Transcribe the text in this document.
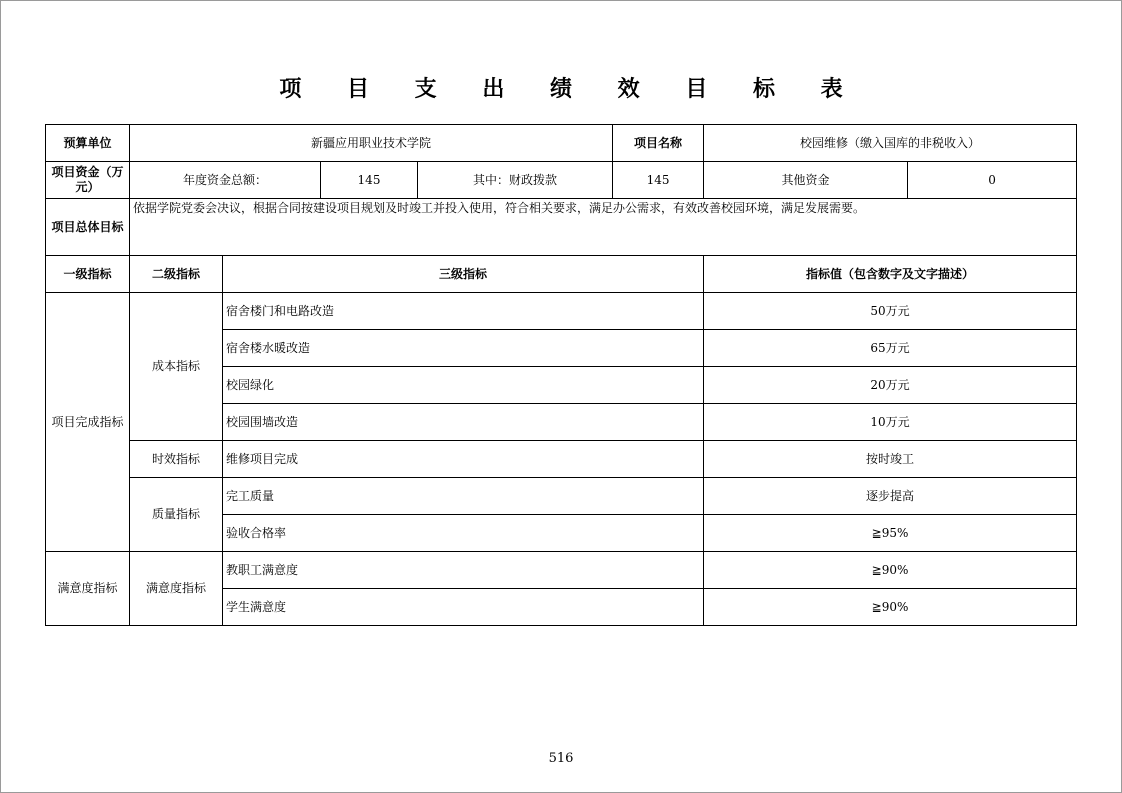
项 目 支 出 绩 效 目 标 表
预算单位	新疆应用职业技术学院				项目名称	校园维修（缴入国库的非税收入）	
项目资金（万元）	年度资金总额：		145	其中：财政拨款	145	其他资金	0
项目总体目标	依据学院党委会决议，根据合同按建设项目规划及时竣工并投入使用，符合相关要求，满足办公需求，有效改善校园环境，满足发展需要。						
一级指标	二级指标	三级指标				指标值（包含数字及文字描述）	
项目完成指标	成本指标	宿舍楼门和电路改造				50万元	
		宿舍楼水暖改造				65万元	
		校园绿化				20万元	
		校园围墙改造				10万元	
	时效指标	维修项目完成				按时竣工	
	质量指标	完工质量				逐步提高	
		验收合格率				≧95%	
满意度指标	满意度指标	教职工满意度				≧90%	
		学生满意度				≧90%	
516
